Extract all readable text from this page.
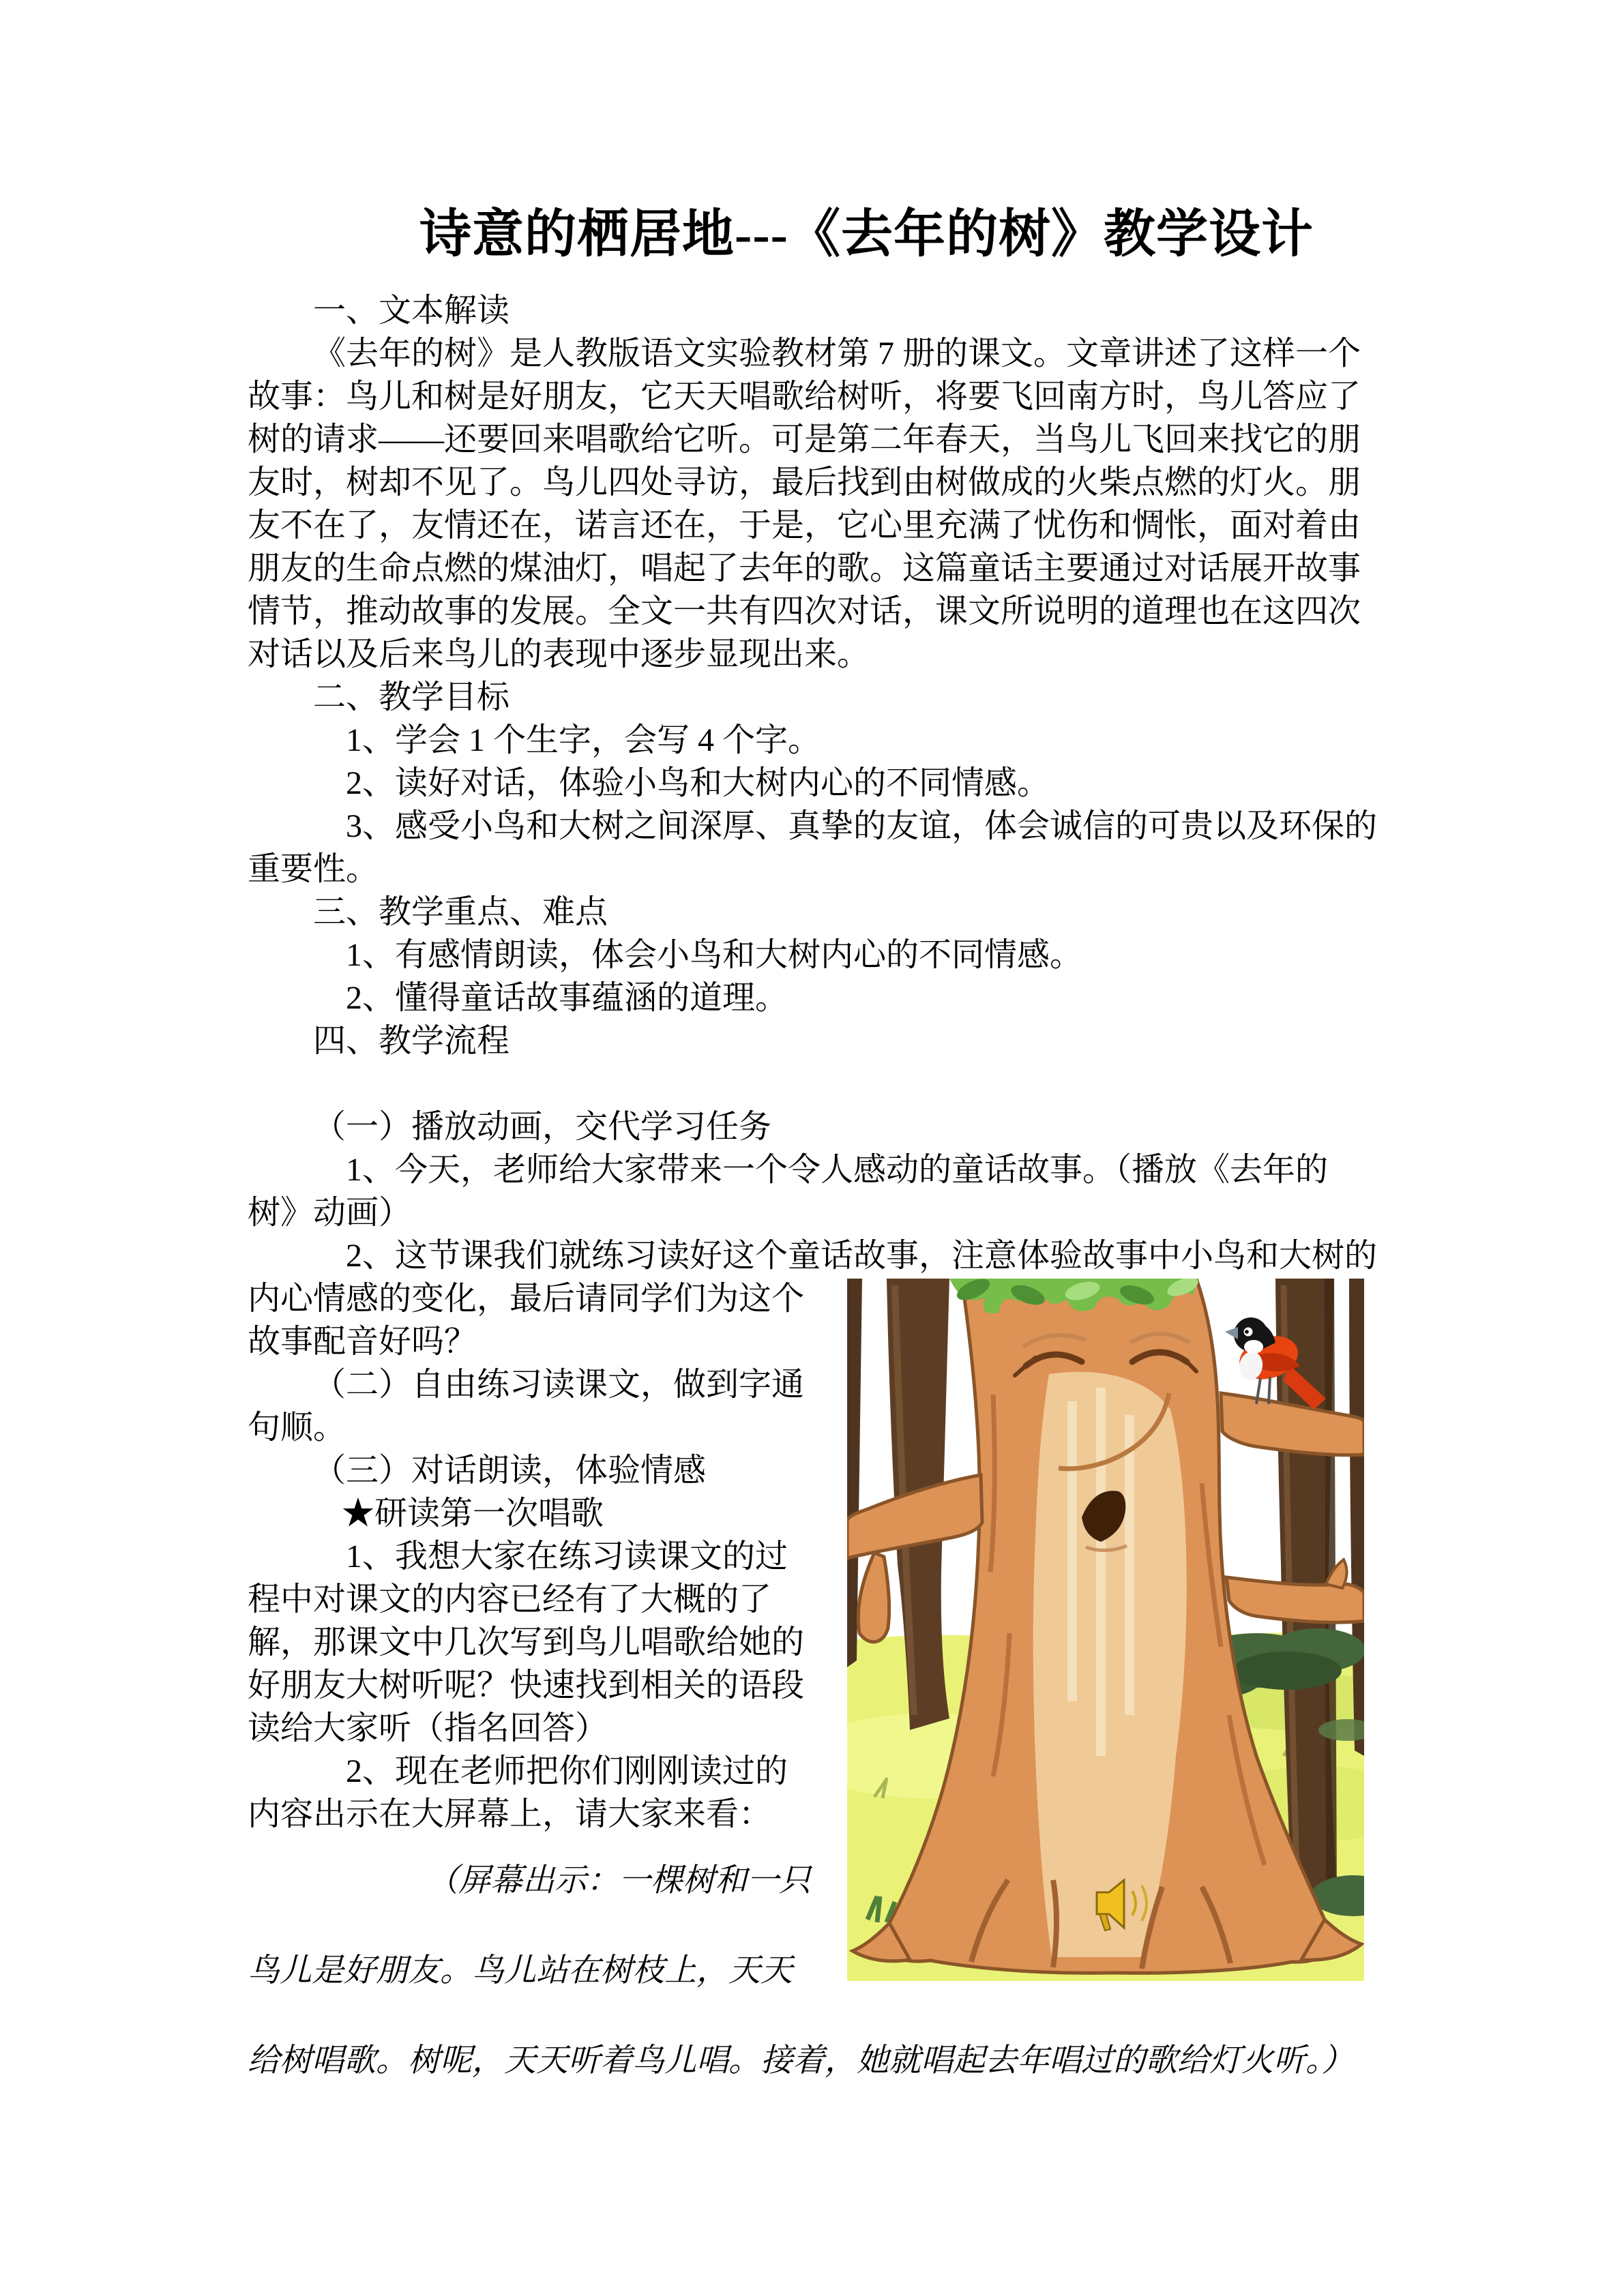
诗意的栖居地---《去年的树》教学设计
一、文本解读
《去年的树》是人教版语文实验教材第 7 册的课文。文章讲述了这样一个
故事：鸟儿和树是好朋友，它天天唱歌给树听，将要飞回南方时，鸟儿答应了
树的请求——还要回来唱歌给它听。可是第二年春天，当鸟儿飞回来找它的朋
友时，树却不见了。鸟儿四处寻访，最后找到由树做成的火柴点燃的灯火。朋
友不在了，友情还在，诺言还在，于是，它心里充满了忧伤和惆怅，面对着由
朋友的生命点燃的煤油灯，唱起了去年的歌。这篇童话主要通过对话展开故事
情节，推动故事的发展。全文一共有四次对话，课文所说明的道理也在这四次
对话以及后来鸟儿的表现中逐步显现出来。
二、教学目标
1、学会 1 个生字，会写 4 个字。
2、读好对话，体验小鸟和大树内心的不同情感。
3、感受小鸟和大树之间深厚、真挚的友谊，体会诚信的可贵以及环保的
重要性。
三、教学重点、难点
1、有感情朗读，体会小鸟和大树内心的不同情感。
2、懂得童话故事蕴涵的道理。
四、教学流程
（一）播放动画，交代学习任务
1、今天，老师给大家带来一个令人感动的童话故事。（播放《去年的
树》动画）
2、这节课我们就练习读好这个童话故事，注意体验故事中小鸟和大树的
内心情感的变化，最后请同学们为这个
故事配音好吗？
（二）自由练习读课文，做到字通
句顺。
（三）对话朗读，体验情感
★研读第一次唱歌
1、我想大家在练习读课文的过
程中对课文的内容已经有了大概的了
解，那课文中几次写到鸟儿唱歌给她的
好朋友大树听呢？快速找到相关的语段
读给大家听（指名回答）
2、现在老师把你们刚刚读过的
内容出示在大屏幕上，请大家来看：
（屏幕出示：一棵树和一只
鸟儿是好朋友。鸟儿站在树枝上，天天
给树唱歌。树呢，天天听着鸟儿唱。接着，她就唱起去年唱过的歌给灯火听。）
